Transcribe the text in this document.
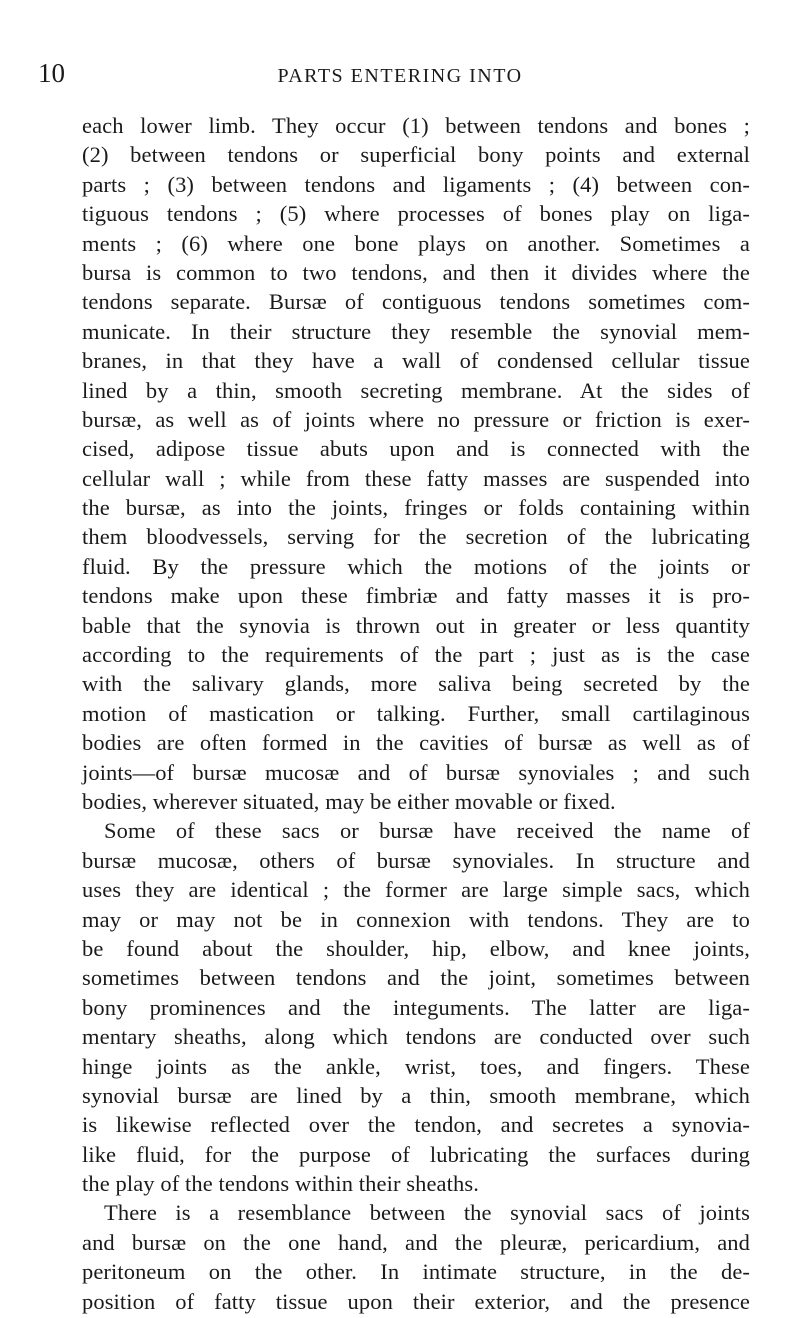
10	PARTS ENTERING INTO
each lower limb. They occur (1) between tendons and bones ;
(2) between tendons or superficial bony points and external
parts ; (3) between tendons and ligaments ; (4) between con-
tiguous tendons ; (5) where processes of bones play on liga-
ments ; (6) where one bone plays on another. Sometimes a
bursa is common to two tendons, and then it divides where the
tendons separate. Bursæ of contiguous tendons sometimes com-
municate. In their structure they resemble the synovial mem-
branes, in that they have a wall of condensed cellular tissue
lined by a thin, smooth secreting membrane. At the sides of
bursæ, as well as of joints where no pressure or friction is exer-
cised, adipose tissue abuts upon and is connected with the
cellular wall ; while from these fatty masses are suspended into
the bursæ, as into the joints, fringes or folds containing within
them bloodvessels, serving for the secretion of the lubricating
fluid. By the pressure which the motions of the joints or
tendons make upon these fimbriæ and fatty masses it is pro-
bable that the synovia is thrown out in greater or less quantity
according to the requirements of the part ; just as is the case
with the salivary glands, more saliva being secreted by the
motion of mastication or talking. Further, small cartilaginous
bodies are often formed in the cavities of bursæ as well as of
joints—of bursæ mucosæ and of bursæ synoviales ; and such
bodies, wherever situated, may be either movable or fixed.
Some of these sacs or bursæ have received the name of
bursæ mucosæ, others of bursæ synoviales. In structure and
uses they are identical ; the former are large simple sacs, which
may or may not be in connexion with tendons. They are to
be found about the shoulder, hip, elbow, and knee joints,
sometimes between tendons and the joint, sometimes between
bony prominences and the integuments. The latter are liga-
mentary sheaths, along which tendons are conducted over such
hinge joints as the ankle, wrist, toes, and fingers. These
synovial bursæ are lined by a thin, smooth membrane, which
is likewise reflected over the tendon, and secretes a synovia-
like fluid, for the purpose of lubricating the surfaces during
the play of the tendons within their sheaths.
There is a resemblance between the synovial sacs of joints
and bursæ on the one hand, and the pleuræ, pericardium, and
peritoneum on the other. In intimate structure, in the de-
position of fatty tissue upon their exterior, and the presence
